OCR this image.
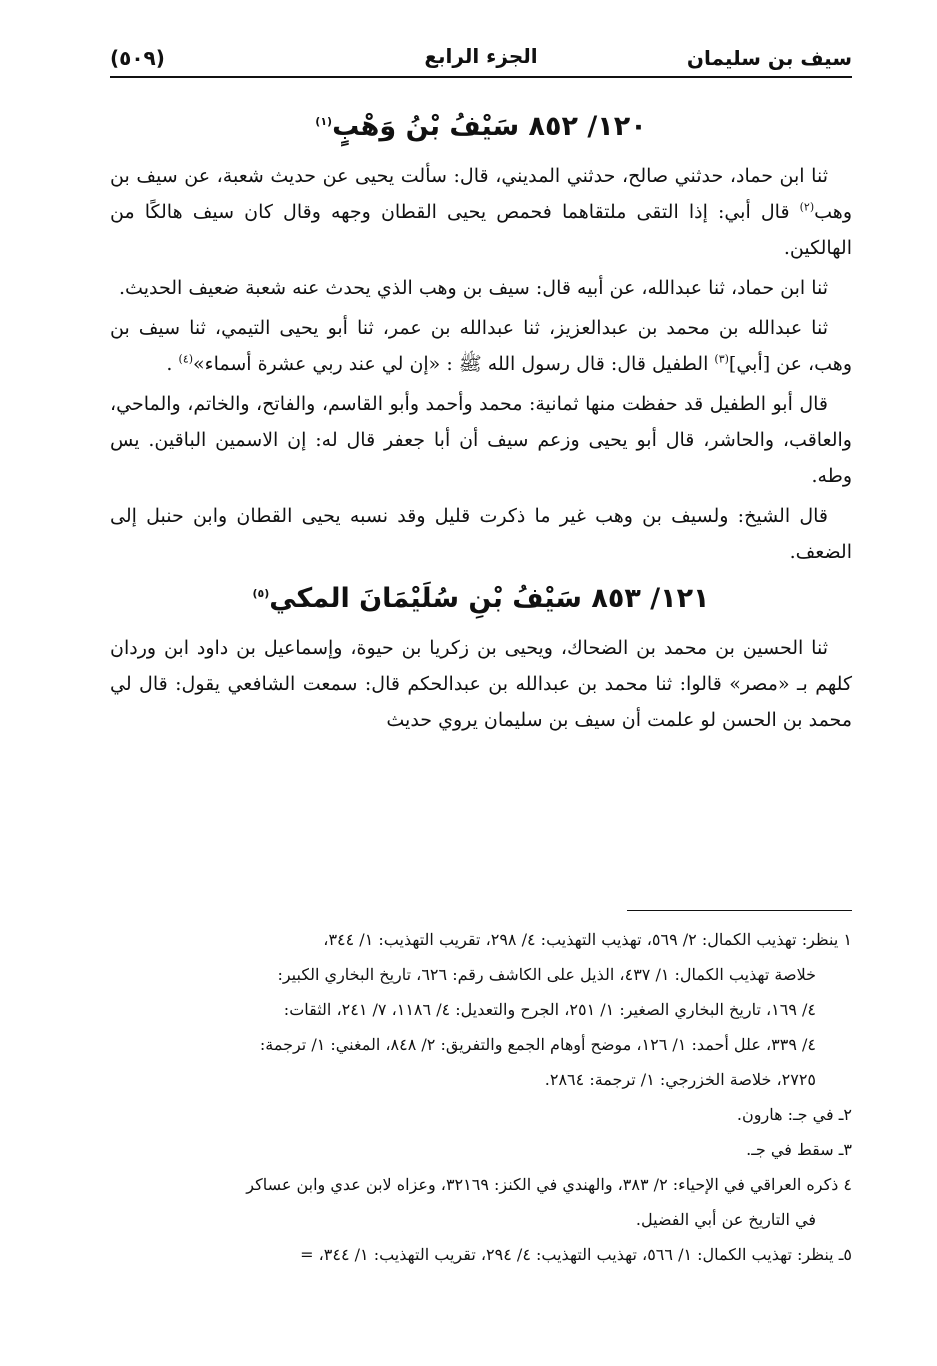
سيف بن سليمان
الجزء الرابع
(٥٠٩)
١٢٠/ ٨٥٢ سَيْفُ بْنُ وَهْبٍ$^{(١)}$

ثنا ابن حماد، حدثني صالح، حدثني المديني، قال: سألت يحيى عن حديث شعبة، عن سيف بن وهب$^{(٢)}$ قال أبي: إذا التقى ملتقاهما فحمص يحيى القطان وجهه وقال كان سيف هالكًا من الهالكين.

ثنا ابن حماد، ثنا عبدالله، عن أبيه قال: سيف بن وهب الذي يحدث عنه شعبة ضعيف الحديث.

ثنا عبدالله بن محمد بن عبدالعزيز، ثنا عبدالله بن عمر، ثنا أبو يحيى التيمي، ثنا سيف بن وهب، عن [أبي]$^{(٣)}$ الطفيل قال: قال رسول الله ﷺ : «إن لي عند ربي عشرة أسماء»$^{(٤)}$ .

قال أبو الطفيل قد حفظت منها ثمانية: محمد وأحمد وأبو القاسم، والفاتح، والخاتم، والماحي، والعاقب، والحاشر، قال أبو يحيى وزعم سيف أن أبا جعفر قال له: إن الاسمين الباقين. يس وطه.

قال الشيخ: ولسيف بن وهب غير ما ذكرت قليل وقد نسبه يحيى القطان وابن حنبل إلى الضعف.

١٢١/ ٨٥٣ سَيْفُ بْنِ سُلَيْمَانَ المكي$^{(٥)}$

ثنا الحسين بن محمد بن الضحاك، ويحيى بن زكريا بن حيوة، وإسماعيل بن داود ابن وردان كلهم بـ «مصر» قالوا: ثنا محمد بن عبدالله بن عبدالحكم قال: سمعت الشافعي يقول: قال لي محمد بن الحسن لو علمت أن سيف بن سليمان يروي حديث

١ ينظر: تهذيب الكمال: ٢/ ٥٦٩، تهذيب التهذيب: ٤/ ٢٩٨، تقريب التهذيب: ١/ ٣٤٤،
خلاصة تهذيب الكمال: ١/ ٤٣٧، الذيل على الكاشف رقم: ٦٢٦، تاريخ البخاري الكبير:
٤/ ١٦٩، تاريخ البخاري الصغير: ١/ ٢٥١، الجرح والتعديل: ٤/ ١١٨٦، ٧/ ٢٤١، الثقات:
٤/ ٣٣٩، علل أحمد: ١/ ١٢٦، موضح أوهام الجمع والتفريق: ٢/ ٨٤٨، المغني: ١/ ترجمة:
٢٧٢٥، خلاصة الخزرجي: ١/ ترجمة: ٢٨٦٤.
٢ـ في جـ: هارون.
٣ـ سقط في جـ.
٤ ذكره العراقي في الإحياء: ٢/ ٣٨٣، والهندي في الكنز: ٣٢١٦٩، وعزاه لابن عدي وابن عساكر
في التاريخ عن أبي الفضيل.
٥ـ ينظر: تهذيب الكمال: ١/ ٥٦٦، تهذيب التهذيب: ٤/ ٢٩٤، تقريب التهذيب: ١/ ٣٤٤، =
